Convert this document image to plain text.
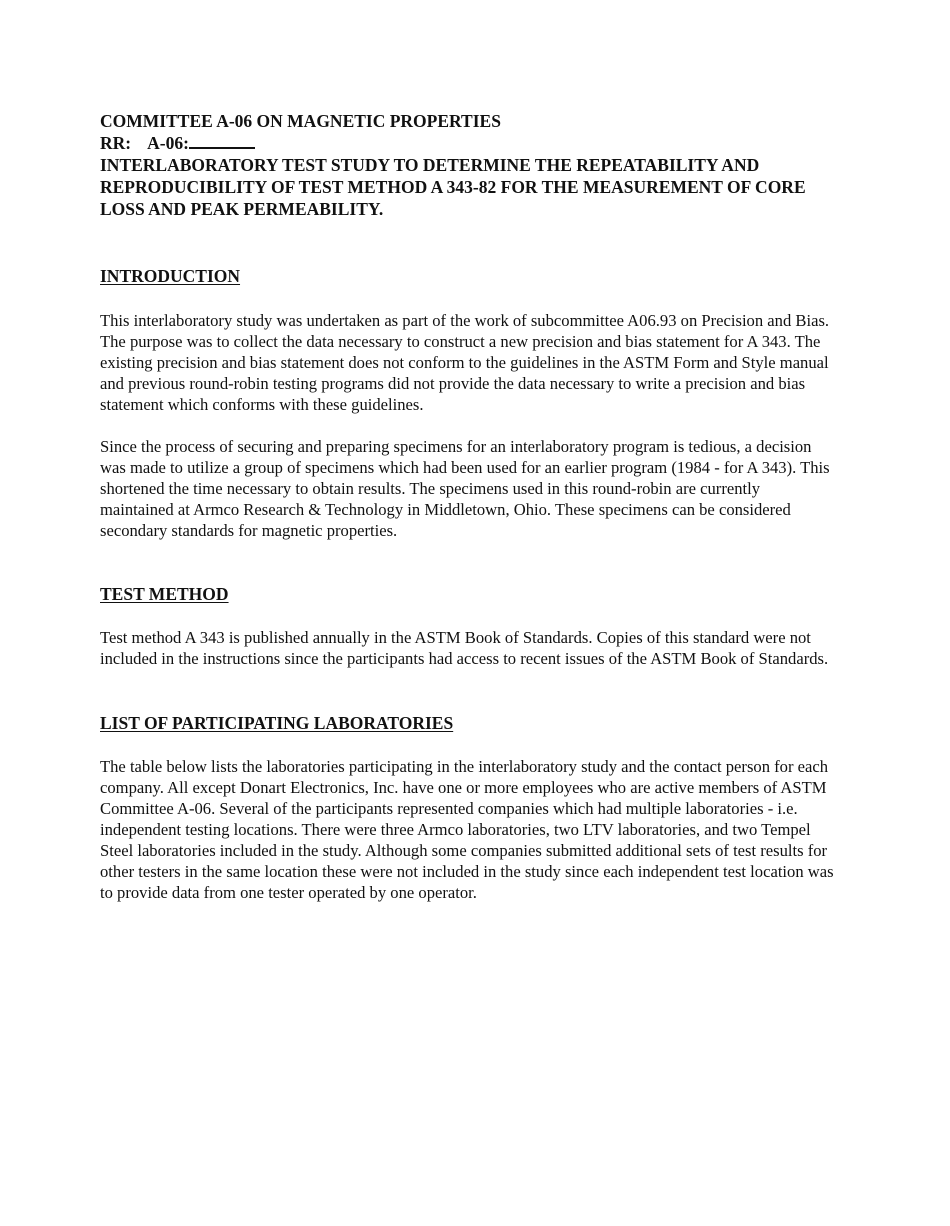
COMMITTEE A-06 ON MAGNETIC PROPERTIES

RR: A-06:

INTERLABORATORY TEST STUDY TO DETERMINE THE REPEATABILITY AND REPRODUCIBILITY OF TEST METHOD A 343-82 FOR THE MEASUREMENT OF CORE LOSS AND PEAK PERMEABILITY.

INTRODUCTION

This interlaboratory study was undertaken as part of the work of subcommittee A06.93 on Precision and Bias. The purpose was to collect the data necessary to construct a new precision and bias statement for A 343. The existing precision and bias statement does not conform to the guidelines in the ASTM Form and Style manual and previous round-robin testing programs did not provide the data necessary to write a precision and bias statement which conforms with these guidelines.

Since the process of securing and preparing specimens for an interlaboratory program is tedious, a decision was made to utilize a group of specimens which had been used for an earlier program (1984 - for A 343). This shortened the time necessary to obtain results. The specimens used in this round-robin are currently maintained at Armco Research & Technology in Middletown, Ohio. These specimens can be considered secondary standards for magnetic properties.

TEST METHOD

Test method A 343 is published annually in the ASTM Book of Standards. Copies of this standard were not included in the instructions since the participants had access to recent issues of the ASTM Book of Standards.

LIST OF PARTICIPATING LABORATORIES

The table below lists the laboratories participating in the interlaboratory study and the contact person for each company. All except Donart Electronics, Inc. have one or more employees who are active members of ASTM Committee A-06. Several of the participants represented companies which had multiple laboratories - i.e. independent testing locations. There were three Armco laboratories, two LTV laboratories, and two Tempel Steel laboratories included in the study. Although some companies submitted additional sets of test results for other testers in the same location these were not included in the study since each independent test location was to provide data from one tester operated by one operator.
